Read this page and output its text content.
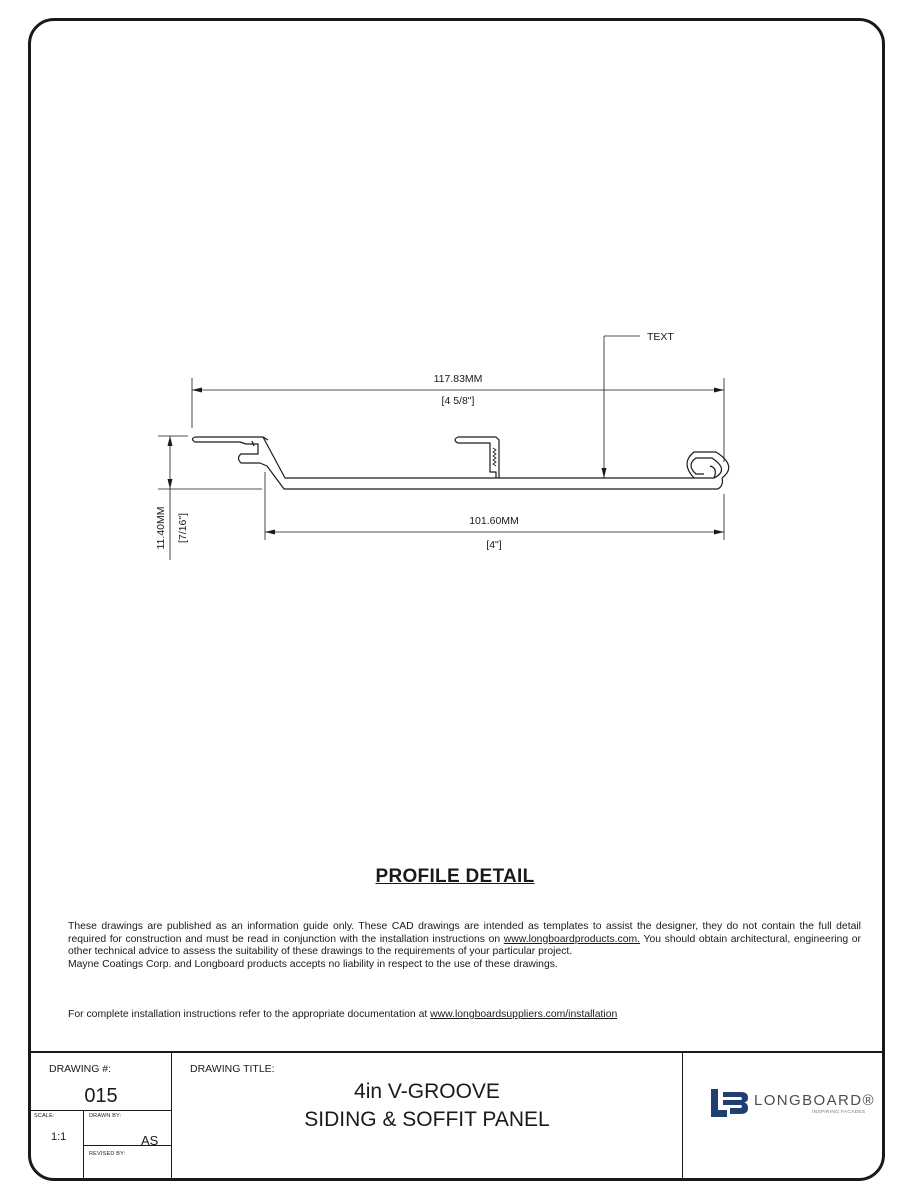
117.83MM
[4 5/8"]
101.60MM
[4"]
TEXT
11.40MM [7/16"]
PROFILE DETAIL

These drawings are published as an information guide only. These CAD drawings are intended as templates to assist the designer, they do not contain the full detail required for construction and must be read in conjunction with the installation instructions on www.longboardproducts.com. You should obtain architectural, engineering or other technical advice to assess the suitability of these drawings to the requirements of your particular project.

Mayne Coatings Corp. and Longboard products accepts no liability in respect to the use of these drawings.

For complete installation instructions refer to the appropriate documentation at www.longboardsuppliers.com/installation
DRAWING #:
015
SCALE:
1:1
DRAWN BY:
AS
REVISED BY:
DRAWING TITLE:
4in V-GROOVE
SIDING & SOFFIT PANEL
LONGBOARD®
INSPIRING FACADES
